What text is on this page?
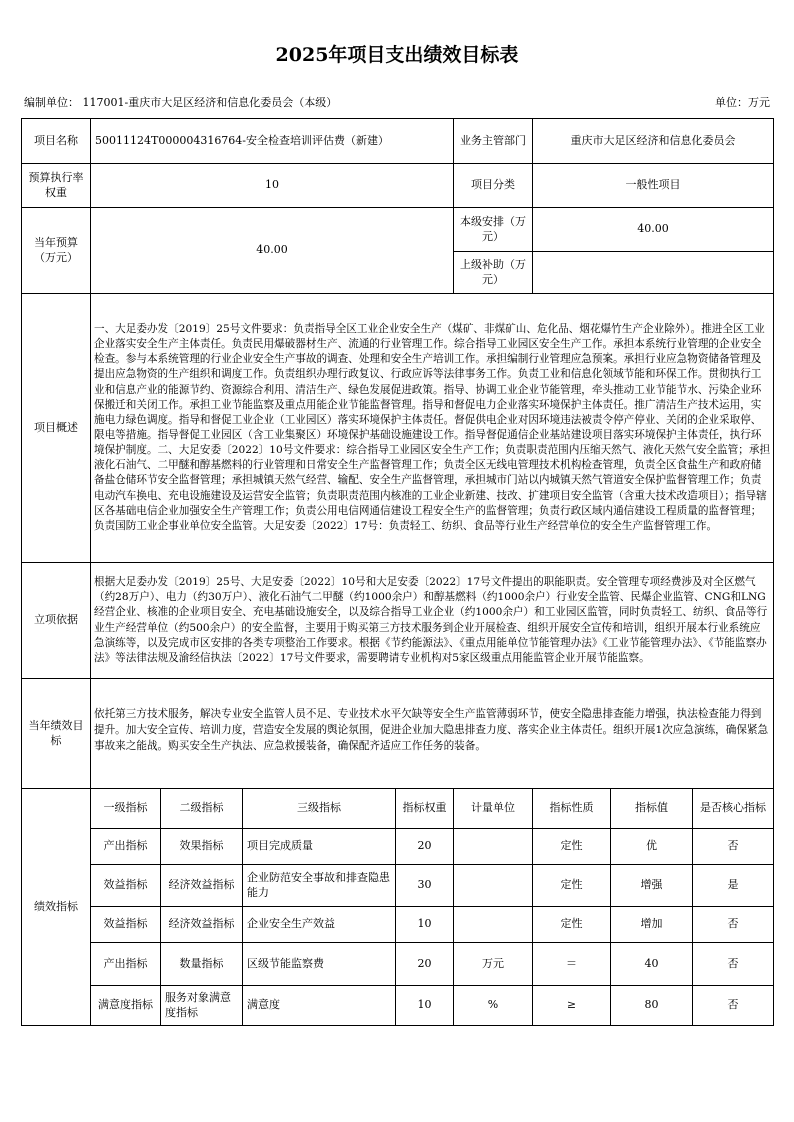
2025年项目支出绩效目标表
编制单位： 117001-重庆市大足区经济和信息化委员会（本级）	单位：万元
项目名称	50011124T000004316764-安全检查培训评估费（新建）				业务主管部门	重庆市大足区经济和信息化委员会		
预算执行率权重	10				项目分类	一般性项目		
当年预算（万元）	40.00				本级安排（万元）	40.00		
					上级补助（万元）			
项目概述	一、大足委办发〔2019〕25号文件要求：负责指导全区工业企业安全生产（煤矿、非煤矿山、危化品、烟花爆竹生产企业除外）。推进全区工业企业落实安全生产主体责任。负责民用爆破器材生产、流通的行业管理工作。综合指导工业园区安全生产工作。承担本系统行业管理的企业安全检查。参与本系统管理的行业企业安全生产事故的调查、处理和安全生产培训工作。承担编制行业管理应急预案。承担行业应急物资储备管理及提出应急物资的生产组织和调度工作。负责组织办理行政复议、行政应诉等法律事务工作。负责工业和信息化领域节能和环保工作。贯彻执行工业和信息产业的能源节约、资源综合利用、清洁生产、绿色发展促进政策。指导、协调工业企业节能管理，牵头推动工业节能节水、污染企业环保搬迁和关闭工作。承担工业节能监察及重点用能企业节能监督管理。指导和督促电力企业落实环境保护主体责任。推广清洁生产技术运用，实施电力绿色调度。指导和督促工业企业（工业园区）落实环境保护主体责任。督促供电企业对因环境违法被责令停产停业、关闭的企业采取停、限电等措施。指导督促工业园区（含工业集聚区）环境保护基础设施建设工作。指导督促通信企业基站建设项目落实环境保护主体责任，执行环境保护制度。二、大足安委〔2022〕10号文件要求：综合指导工业园区安全生产工作；负责职责范围内压缩天然气、液化天然气安全监管；承担液化石油气、二甲醚和醇基燃料的行业管理和日常安全生产监督管理工作；负责全区无线电管理技术机构检查管理，负责全区食盐生产和政府储备盐仓储环节安全监督管理；承担城镇天然气经营、输配、安全生产监督管理，承担城市门站以内城镇天然气管道安全保护监督管理工作；负责电动汽车换电、充电设施建设及运营安全监管；负责职责范围内核准的工业企业新建、技改、扩建项目安全监管（含重大技术改造项目）；指导辖区各基础电信企业加强安全生产管理工作；负责公用电信网通信建设工程安全生产的监督管理；负责行政区域内通信建设工程质量的监督管理；负责国防工业企事业单位安全监管。大足安委〔2022〕17号：负责轻工、纺织、食品等行业生产经营单位的安全生产监督管理工作。							
立项依据	根据大足委办发〔2019〕25号、大足安委〔2022〕10号和大足安委〔2022〕17号文件提出的职能职责。安全管理专项经费涉及对全区燃气（约28万户）、电力（约30万户）、液化石油气二甲醚（约1000余户）和醇基燃料（约1000余户）行业安全监管、民爆企业监管、CNG和LNG经营企业、核准的企业项目安全、充电基础设施安全，以及综合指导工业企业（约1000余户）和工业园区监管，同时负责轻工、纺织、食品等行业生产经营单位（约500余户）的安全监督，主要用于购买第三方技术服务到企业开展检查、组织开展安全宣传和培训，组织开展本行业系统应急演练等，以及完成市区安排的各类专项整治工作要求。根据《节约能源法》、《重点用能单位节能管理办法》《工业节能管理办法》、《节能监察办法》等法律法规及渝经信执法〔2022〕17号文件要求，需要聘请专业机构对5家区级重点用能监管企业开展节能监察。							
当年绩效目标	依托第三方技术服务，解决专业安全监管人员不足、专业技术水平欠缺等安全生产监管薄弱环节，使安全隐患排查能力增强，执法检查能力得到提升。加大安全宣传、培训力度，营造安全发展的舆论氛围，促进企业加大隐患排查力度、落实企业主体责任。组织开展1次应急演练，确保紧急事故来之能战。购买安全生产执法、应急救援装备，确保配齐适应工作任务的装备。							
绩效指标	一级指标	二级指标	三级指标	指标权重	计量单位	指标性质	指标值	是否核心指标
	产出指标	效果指标	项目完成质量	20		定性	优	否
	效益指标	经济效益指标	企业防范安全事故和排查隐患能力	30		定性	增强	是
	效益指标	经济效益指标	企业安全生产效益	10		定性	增加	否
	产出指标	数量指标	区级节能监察费	20	万元	＝	40	否
	满意度指标	服务对象满意度指标	满意度	10	%	≥	80	否
